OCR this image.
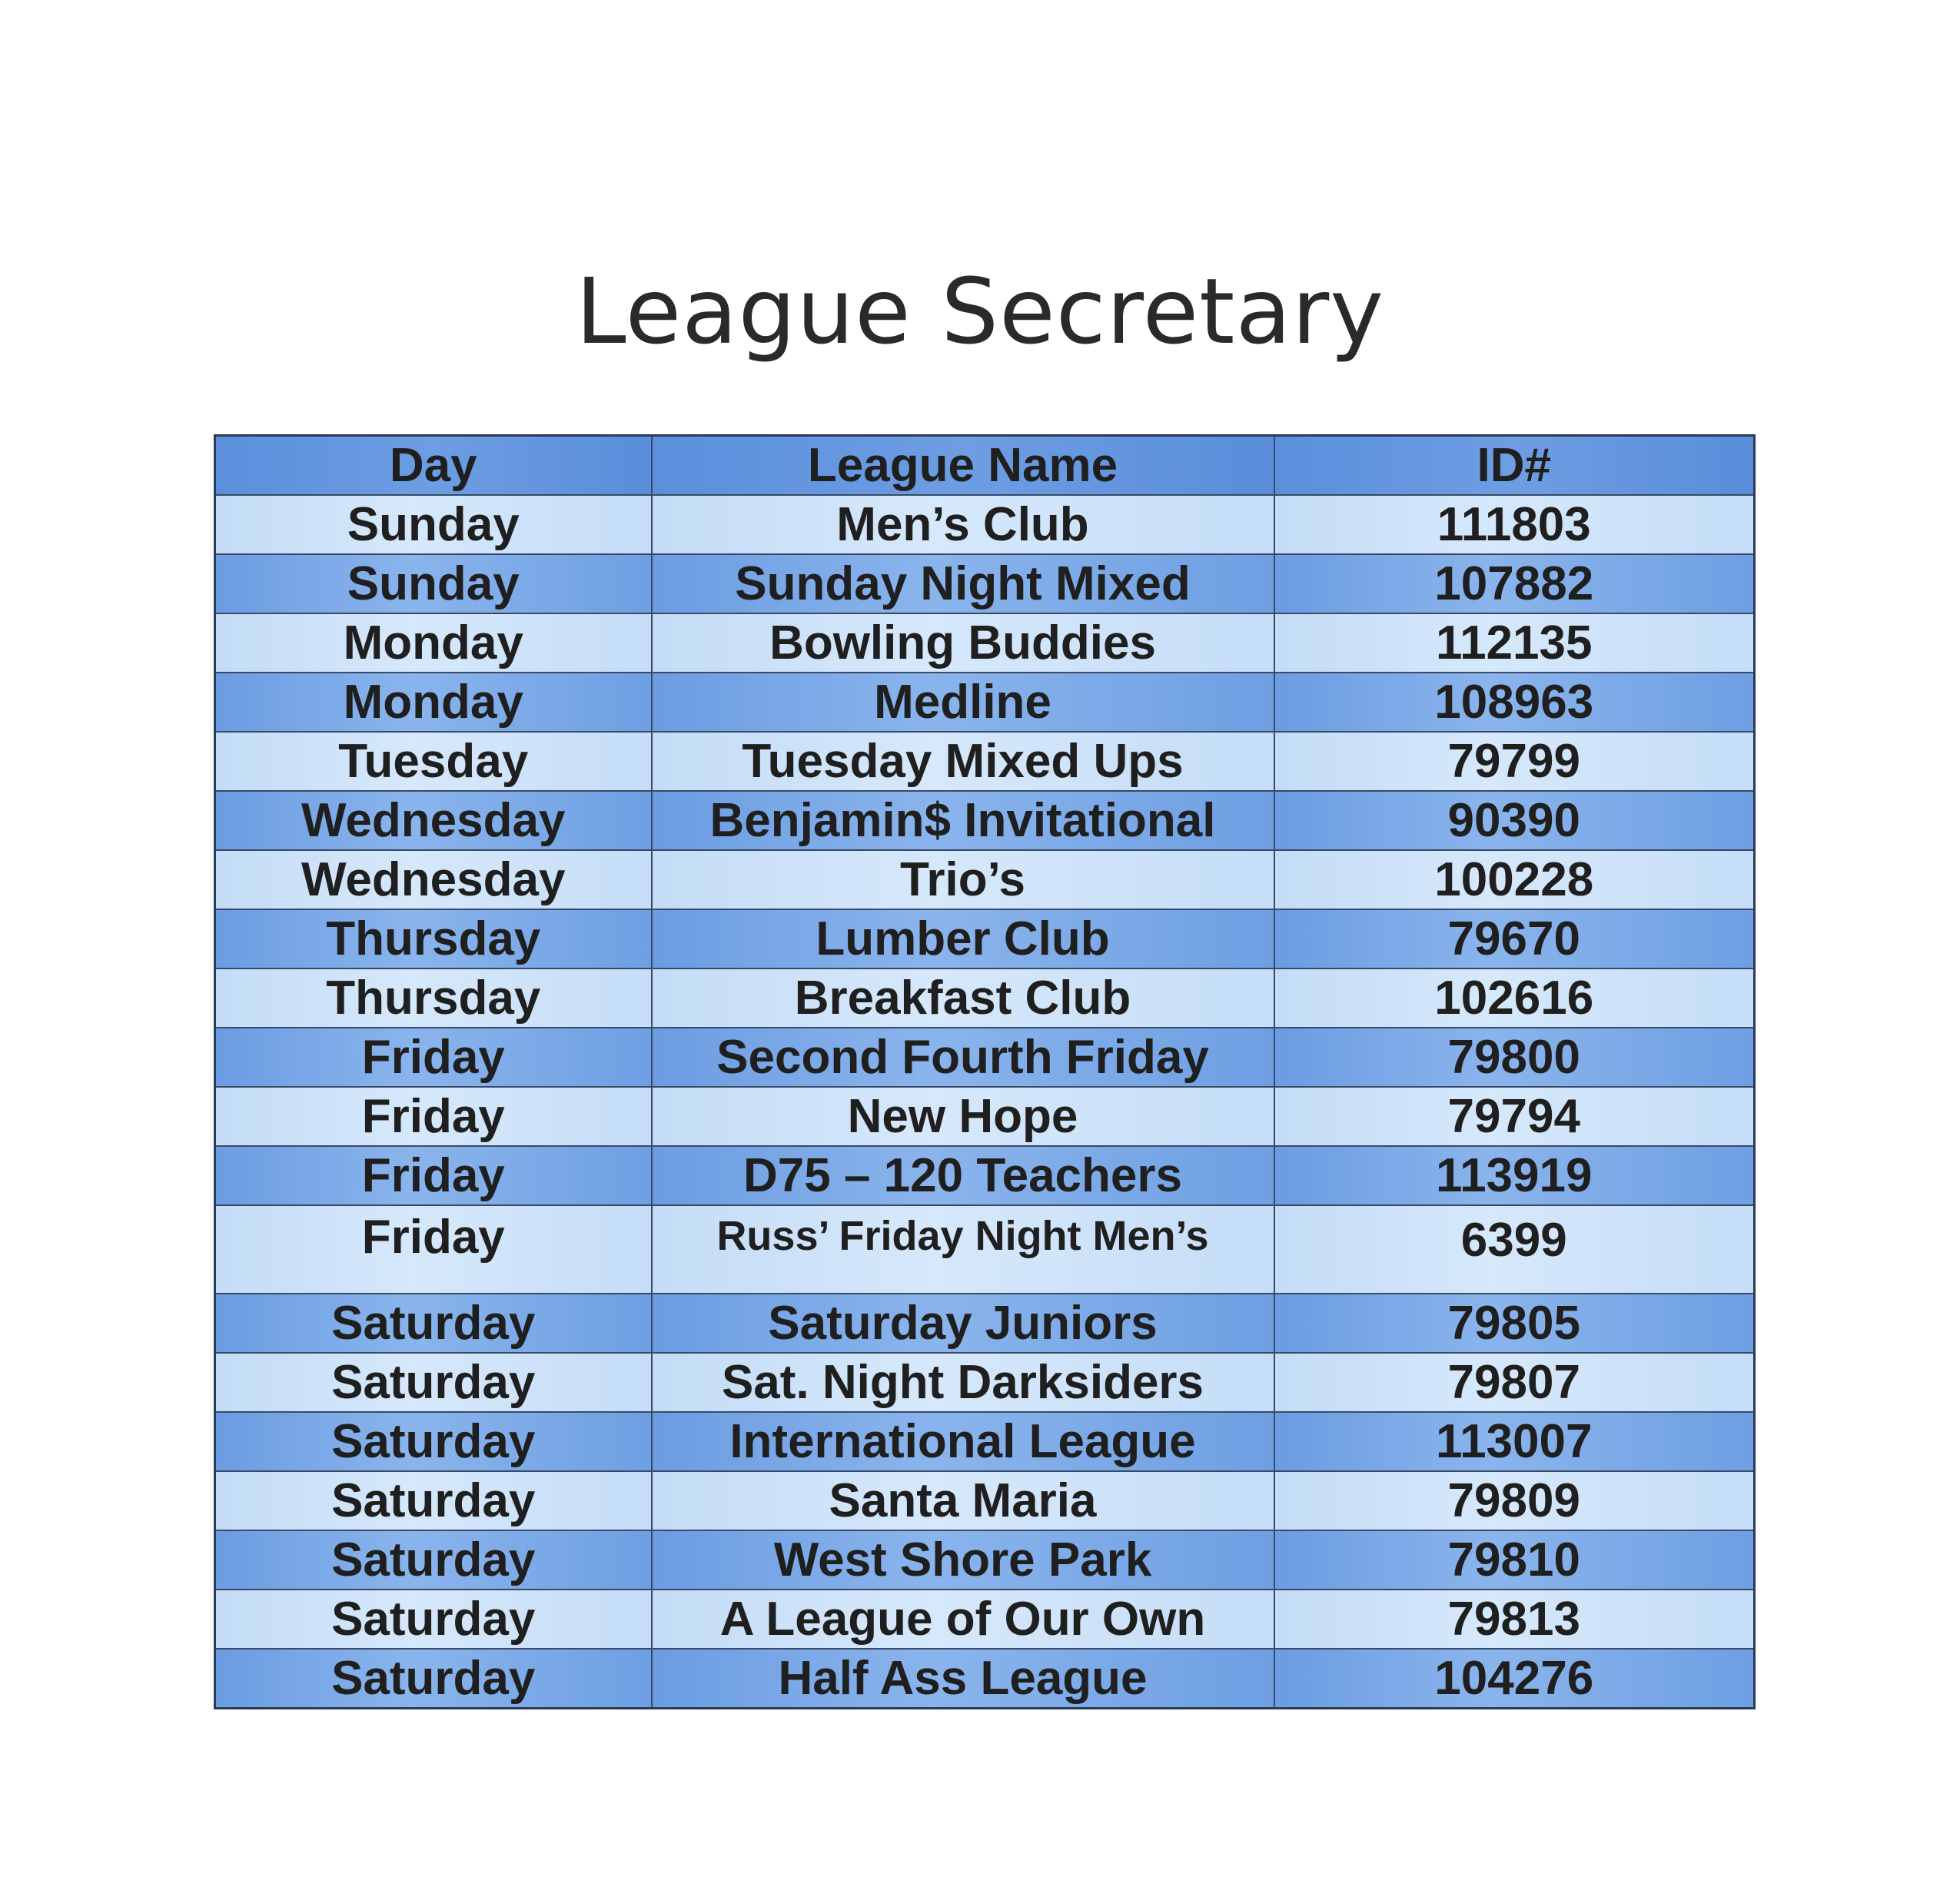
League Secretary
Day	League Name	ID#
Sunday	Men’s Club	111803
Sunday	Sunday Night Mixed	107882
Monday	Bowling Buddies	112135
Monday	Medline	108963
Tuesday	Tuesday Mixed Ups	79799
Wednesday	Benjamin$ Invitational	90390
Wednesday	Trio’s	100228
Thursday	Lumber Club	79670
Thursday	Breakfast Club	102616
Friday	Second Fourth Friday	79800
Friday	New Hope	79794
Friday	D75 – 120 Teachers	113919
Friday	Russ’ Friday Night Men’s	6399
Saturday	Saturday Juniors	79805
Saturday	Sat. Night Darksiders	79807
Saturday	International League	113007
Saturday	Santa Maria	79809
Saturday	West Shore Park	79810
Saturday	A League of Our Own	79813
Saturday	Half Ass League	104276
